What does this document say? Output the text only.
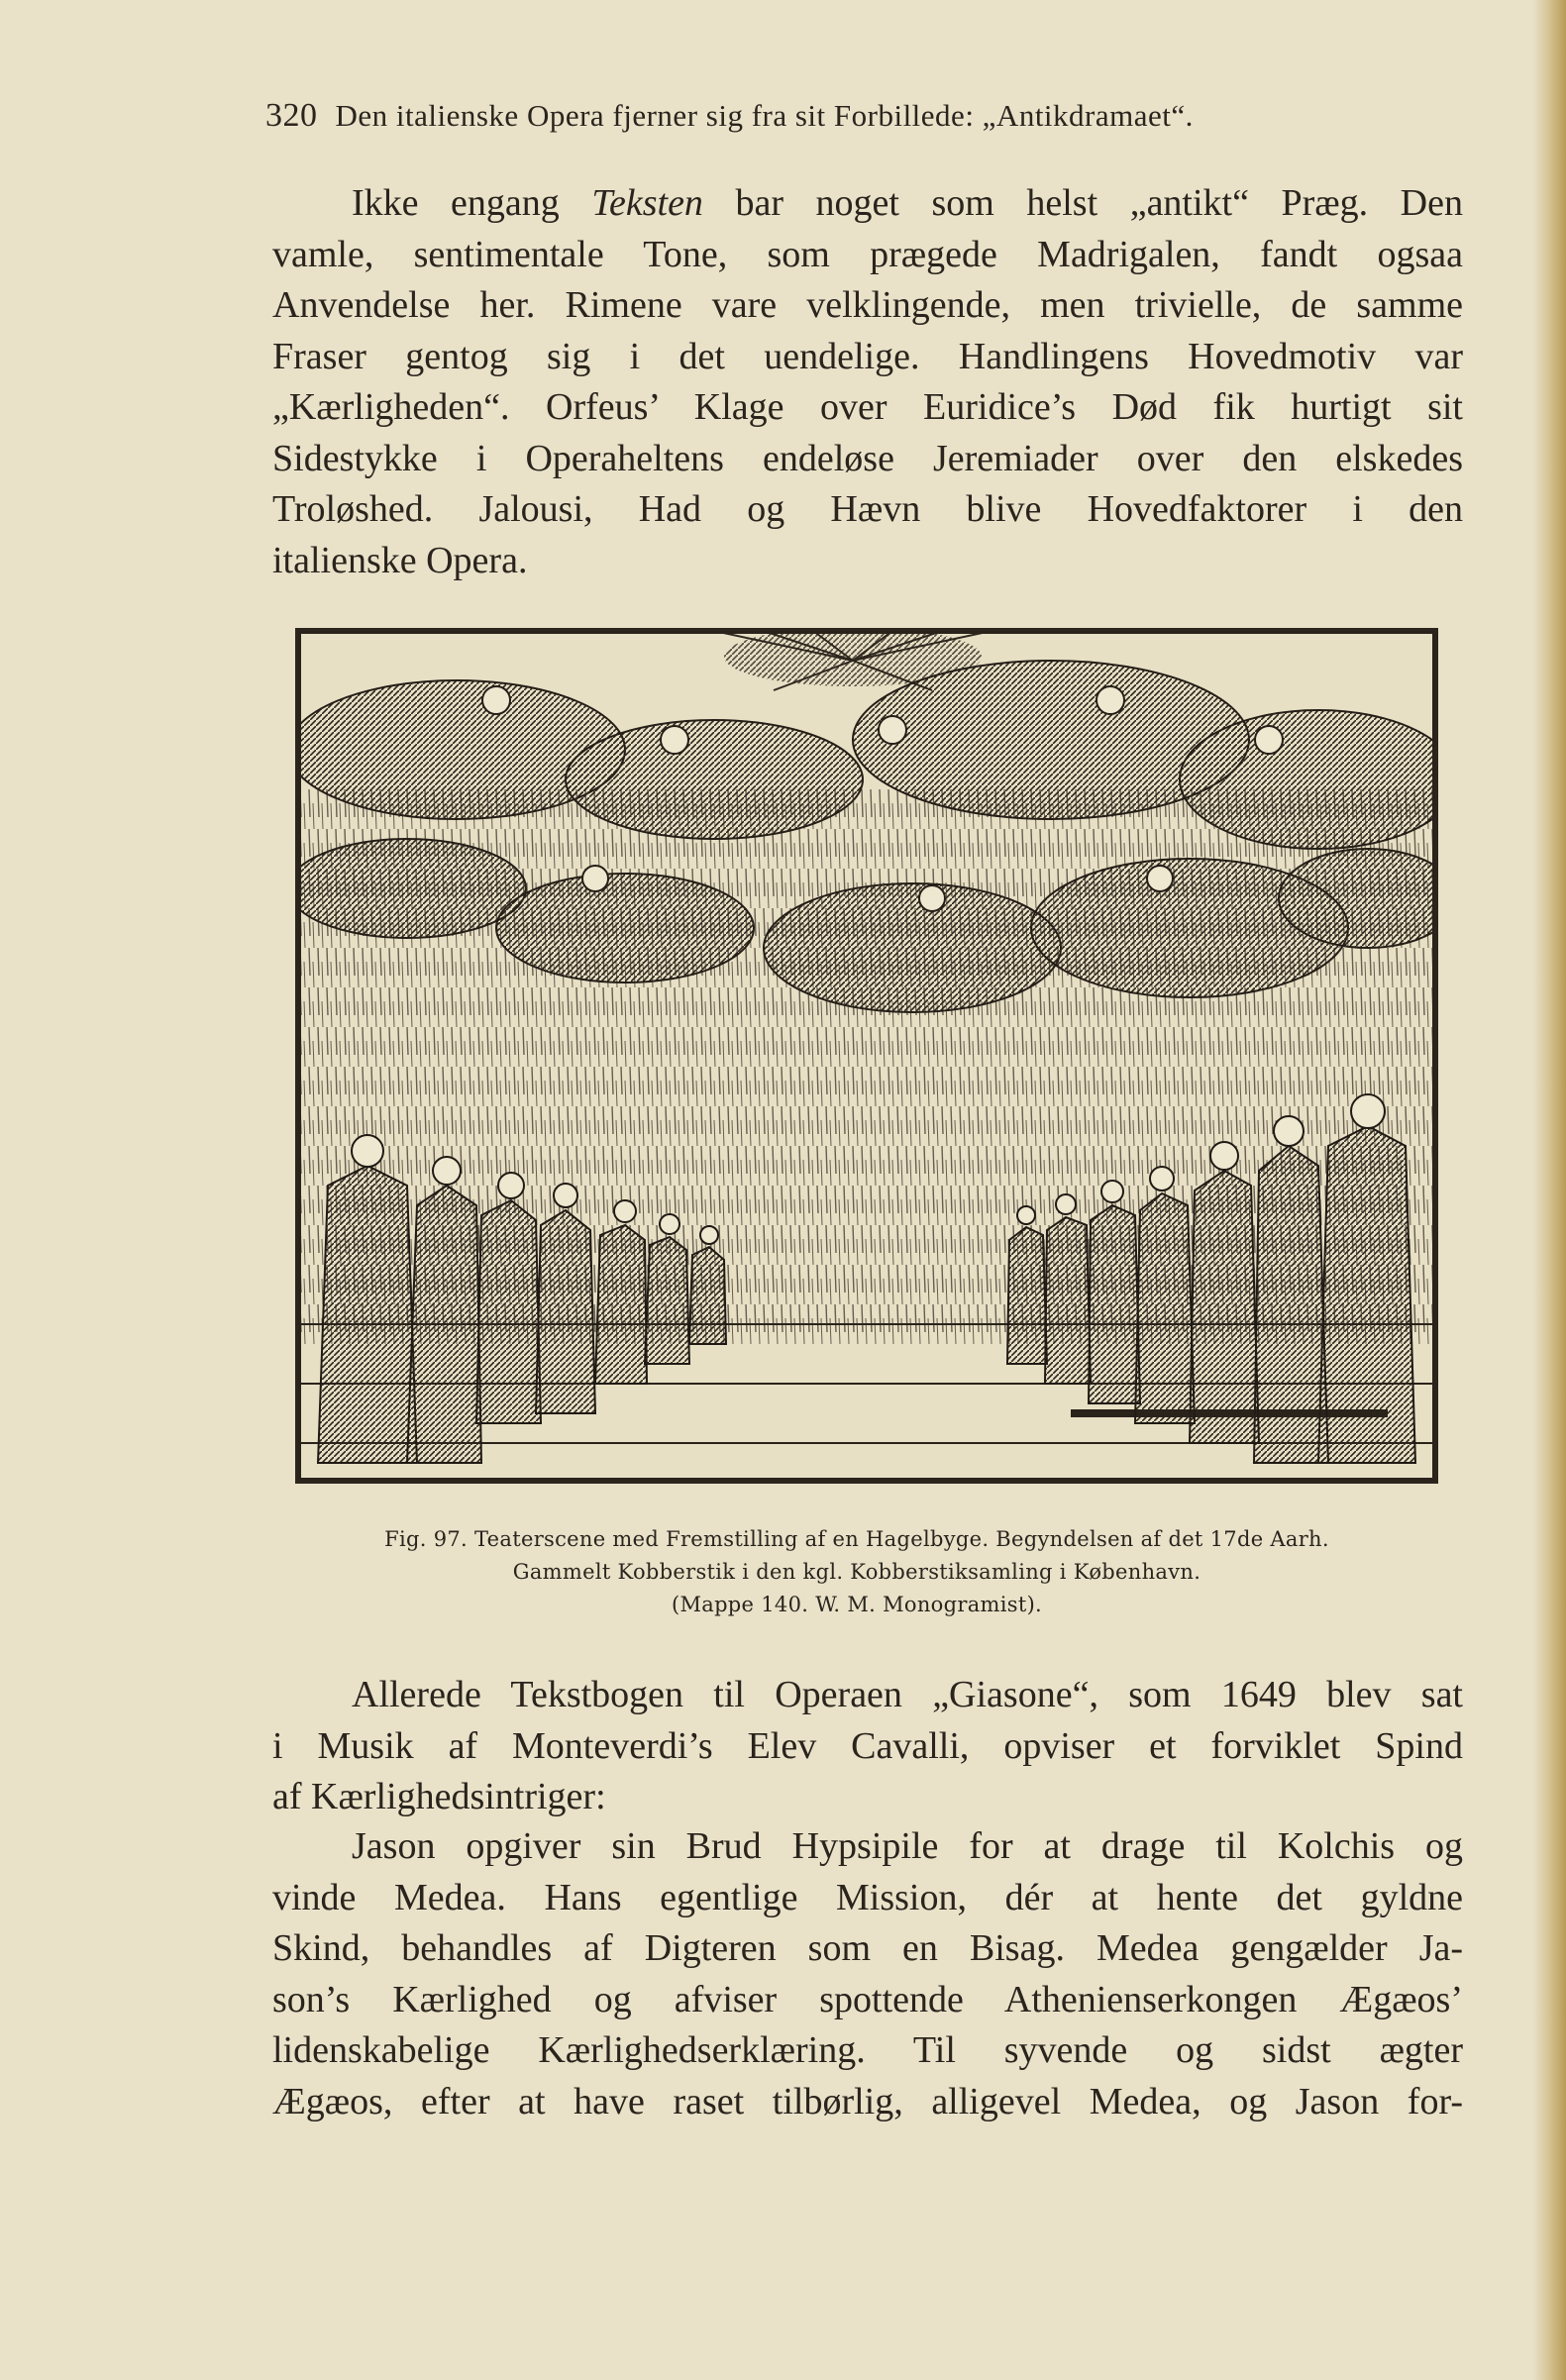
320 Den italienske Opera fjerner sig fra sit Forbillede: „Antikdramaet“.

Ikke engang Teksten bar noget som helst „antikt“ Præg. Den
vamle, sentimentale Tone, som prægede Madrigalen, fandt ogsaa
Anvendelse her. Rimene vare velklingende, men trivielle, de samme
Fraser gentog sig i det uendelige. Handlingens Hovedmotiv var
„Kærligheden“. Orfeus’ Klage over Euridice’s Død fik hurtigt sit
Sidestykke i Operaheltens endeløse Jeremiader over den elskedes
Troløshed. Jalousi, Had og Hævn blive Hovedfaktorer i den
italienske Opera.

Fig. 97. Teaterscene med Fremstilling af en Hagelbyge. Begyndelsen af det 17de Aarh.
Gammelt Kobberstik i den kgl. Kobberstiksamling i København.
(Mappe 140. W. M. Monogramist).

Allerede Tekstbogen til Operaen „Giasone“, som 1649 blev sat
i Musik af Monteverdi’s Elev Cavalli, opviser et forviklet Spind
af Kærlighedsintriger:

Jason opgiver sin Brud Hypsipile for at drage til Kolchis og
vinde Medea. Hans egentlige Mission, dér at hente det gyldne
Skind, behandles af Digteren som en Bisag. Medea gengælder Ja-
son’s Kærlighed og afviser spottende Athenienserkongen Ægæos’
lidenskabelige Kærlighedserklæring. Til syvende og sidst ægter
Ægæos, efter at have raset tilbørlig, alligevel Medea, og Jason for-
